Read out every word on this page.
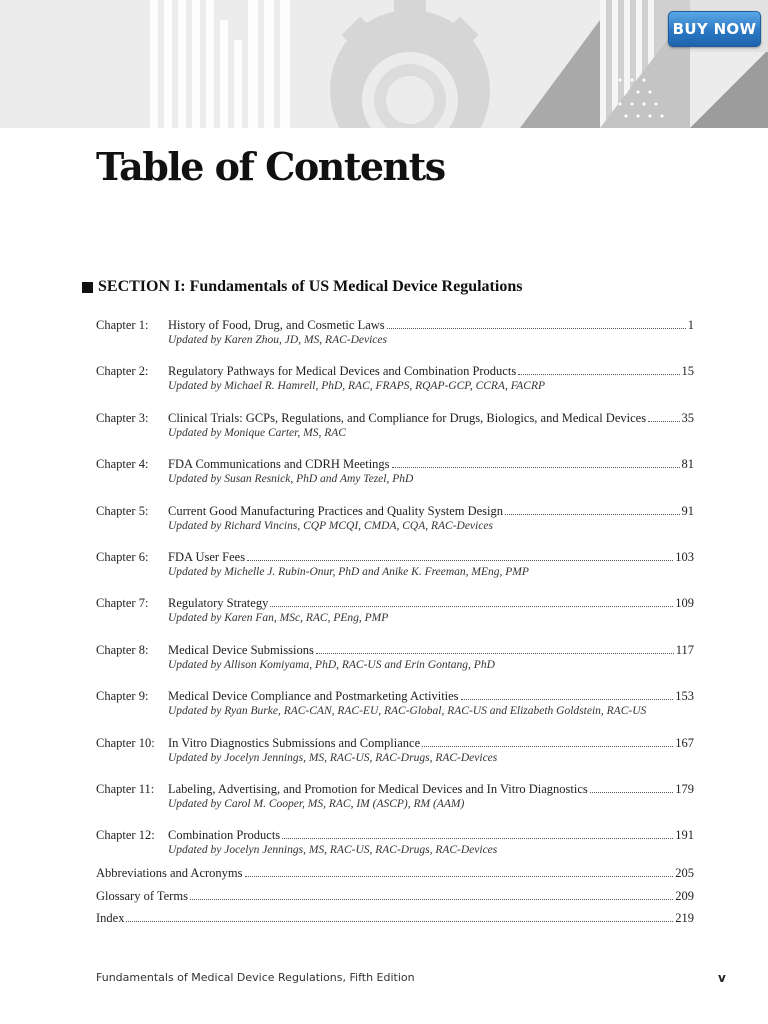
BUY NOW
Table of Contents
SECTION I: Fundamentals of US Medical Device Regulations
Chapter 1:	History of Food, Drug, and Cosmetic Laws	1
Updated by Karen Zhou, JD, MS, RAC-Devices
Chapter 2:	Regulatory Pathways for Medical Devices and Combination Products	15
Updated by Michael R. Hamrell, PhD, RAC, FRAPS, RQAP-GCP, CCRA, FACRP
Chapter 3:	Clinical Trials: GCPs, Regulations, and Compliance for Drugs, Biologics, and Medical Devices	35
Updated by Monique Carter, MS, RAC
Chapter 4:	FDA Communications and CDRH Meetings	81
Updated by Susan Resnick, PhD and Amy Tezel, PhD
Chapter 5:	Current Good Manufacturing Practices and Quality System Design	91
Updated by Richard Vincins, CQP MCQI, CMDA, CQA, RAC-Devices
Chapter 6:	FDA User Fees	103
Updated by Michelle J. Rubin-Onur, PhD and Anike K. Freeman, MEng, PMP
Chapter 7:	Regulatory Strategy	109
Updated by Karen Fan, MSc, RAC, PEng, PMP
Chapter 8:	Medical Device Submissions	117
Updated by Allison Komiyama, PhD, RAC-US and Erin Gontang, PhD
Chapter 9:	Medical Device Compliance and Postmarketing Activities	153
Updated by Ryan Burke, RAC-CAN, RAC-EU, RAC-Global, RAC-US and Elizabeth Goldstein, RAC-US
Chapter 10:	In Vitro Diagnostics Submissions and Compliance	167
Updated by Jocelyn Jennings, MS, RAC-US, RAC-Drugs, RAC-Devices
Chapter 11:	Labeling, Advertising, and Promotion for Medical Devices and In Vitro Diagnostics	179
Updated by Carol M. Cooper, MS, RAC, IM (ASCP), RM (AAM)
Chapter 12:	Combination Products	191
Updated by Jocelyn Jennings, MS, RAC-US, RAC-Drugs, RAC-Devices
Abbreviations and Acronyms	205
Glossary of Terms	209
Index	219
Fundamentals of Medical Device Regulations, Fifth Edition	v
